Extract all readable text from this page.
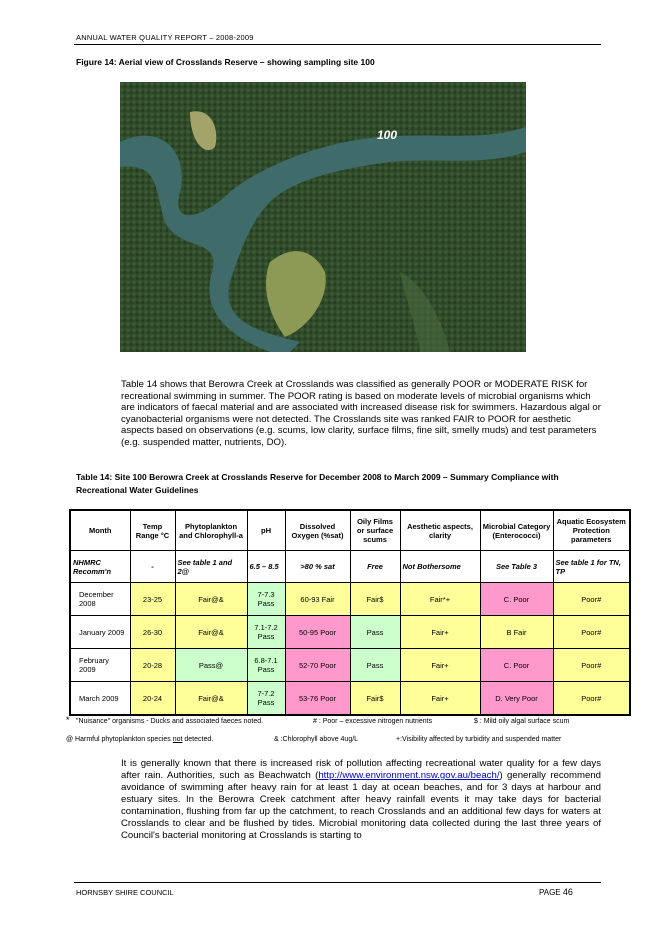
ANNUAL WATER QUALITY REPORT – 2008-2009
Figure 14: Aerial view of Crosslands Reserve – showing sampling site 100
100
Table 14 shows that Berowra Creek at Crosslands was classified as generally POOR or MODERATE RISK for recreational swimming in summer. The POOR rating is based on moderate levels of microbial organisms which are indicators of faecal material and are associated with increased disease risk for swimmers. Hazardous algal or cyanobacterial organisms were not detected. The Crosslands site was ranked FAIR to POOR for aesthetic aspects based on observations (e.g. scums, low clarity, surface films, fine silt, smelly muds) and test parameters (e.g. suspended matter, nutrients, DO).
Table 14: Site 100 Berowra Creek at Crosslands Reserve for December 2008 to March 2009 – Summary Compliance with Recreational Water Guidelines
Month	Temp Range °C	Phytoplankton and Chlorophyll-a	pH	Dissolved Oxygen (%sat)	Oily Films or surface scums	Aesthetic aspects, clarity	Microbial Category (Enterococci)	Aquatic Ecosystem Protection parameters
NHMRC Recomm'n	-	See table 1 and 2@	6.5 – 8.5	>80 % sat	Free	Not Bothersome	See Table 3	See table 1 for TN, TP
December 2008	23-25	Fair@&	7-7.3 Pass	60-93 Fair	Fair$	Fair*+	C. Poor	Poor#
January 2009	26-30	Fair@&	7.1-7.2 Pass	50-95 Poor	Pass	Fair+	B Fair	Poor#
February 2009	20-28	Pass@	6.8-7.1 Pass	52-70 Poor	Pass	Fair+	C. Poor	Poor#
March 2009	20-24	Fair@&	7-7.2 Pass	53-76 Poor	Fair$	Fair+	D. Very Poor	Poor#
* "Nuisance" organisms - Ducks and associated faeces noted.	# : Poor – excessive nitrogen nutrients	$ : Mild oily algal surface scum
@ Harmful phytoplankton species not detected.	& :Chlorophyll above 4ug/L	+:Visibility affected by turbidity and suspended matter
It is generally known that there is increased risk of pollution affecting recreational water quality for a few days after rain. Authorities, such as Beachwatch (http://www.environment.nsw.gov.au/beach/) generally recommend avoidance of swimming after heavy rain for at least 1 day at ocean beaches, and for 3 days at harbour and estuary sites. In the Berowra Creek catchment after heavy rainfall events it may take days for bacterial contamination, flushing from far up the catchment, to reach Crosslands and an additional few days for waters at Crosslands to clear and be flushed by tides. Microbial monitoring data collected during the last three years of Council's bacterial monitoring at Crosslands is starting to
HORNSBY SHIRE COUNCIL	PAGE 46
